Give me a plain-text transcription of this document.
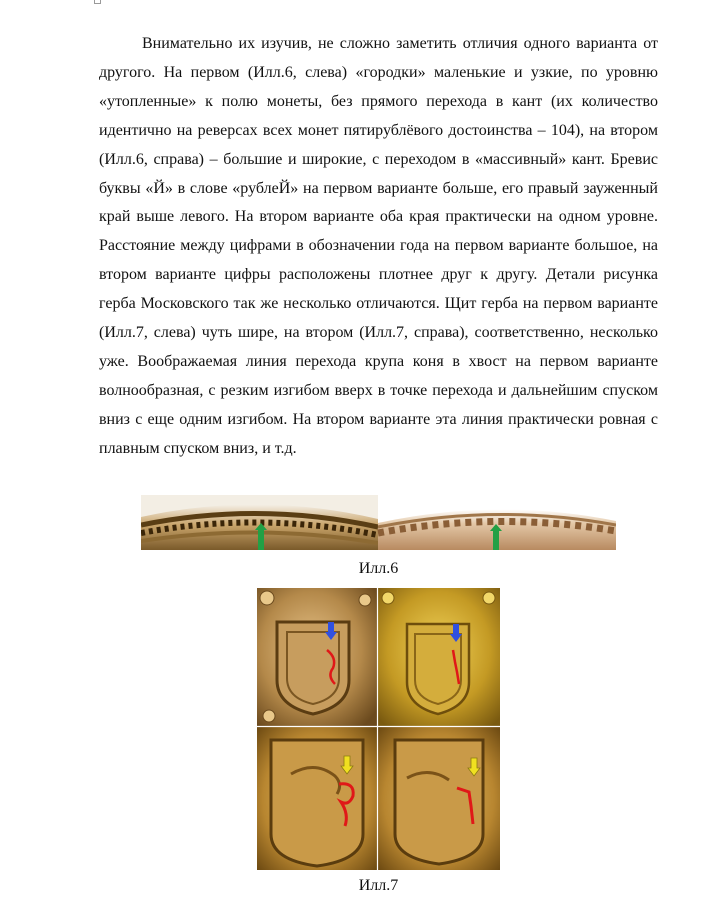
Внимательно их изучив, не сложно заметить отличия одного варианта от другого. На первом (Илл.6, слева) «городки» маленькие и узкие, по уровню «утопленные» к полю монеты, без прямого перехода в кант (их количество идентично на реверсах всех монет пятирублёвого достоинства – 104), на втором (Илл.6, справа) – большие и широкие, с переходом в «массивный» кант. Бревис буквы «Й» в слове «рублеЙ» на первом варианте больше, его правый зауженный край выше левого. На втором варианте оба края практически на одном уровне. Расстояние между цифрами в обозначении года на первом варианте большое, на втором варианте цифры расположены плотнее друг к другу. Детали рисунка герба Московского так же несколько отличаются. Щит герба на первом варианте (Илл.7, слева) чуть шире, на втором (Илл.7, справа), соответственно, несколько уже. Воображаемая линия перехода крупа коня в хвост на первом варианте волнообразная, с резким изгибом вверх в точке перехода и дальнейшим спуском вниз с еще одним изгибом. На втором варианте эта линия практически ровная с плавным спуском вниз, и т.д.

Илл.6

Илл.7
